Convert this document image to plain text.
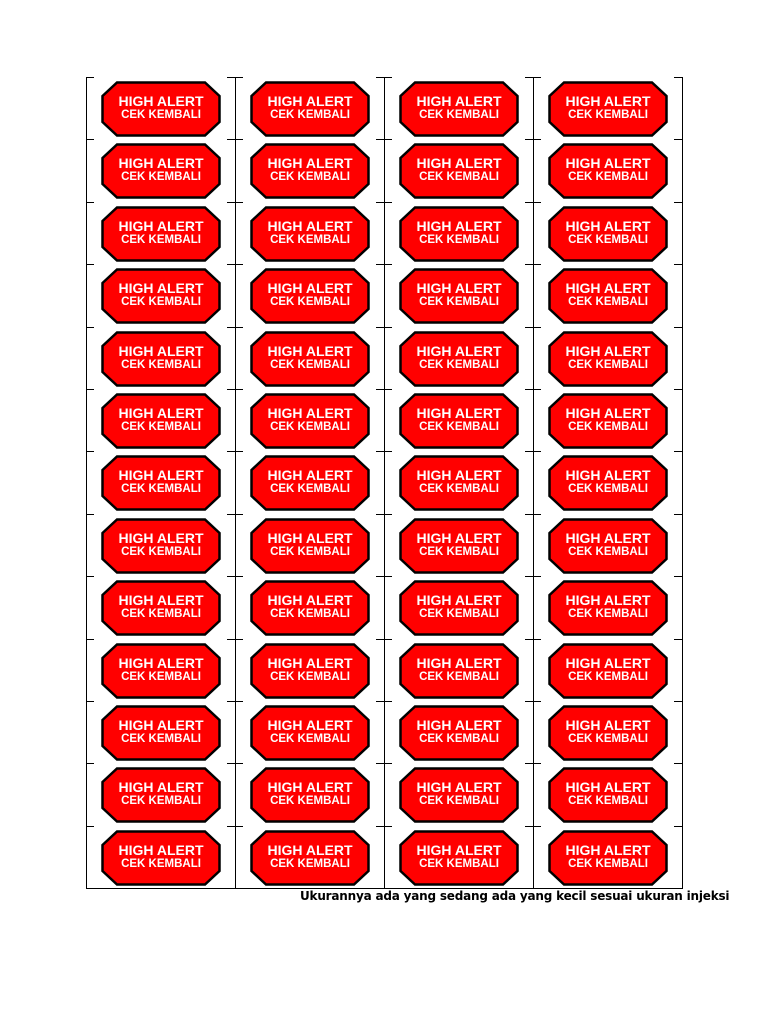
HIGH ALERT
CEK KEMBALI
HIGH ALERT
CEK KEMBALI
HIGH ALERT
CEK KEMBALI
HIGH ALERT
CEK KEMBALI
HIGH ALERT
CEK KEMBALI
HIGH ALERT
CEK KEMBALI
HIGH ALERT
CEK KEMBALI
HIGH ALERT
CEK KEMBALI
HIGH ALERT
CEK KEMBALI
HIGH ALERT
CEK KEMBALI
HIGH ALERT
CEK KEMBALI
HIGH ALERT
CEK KEMBALI
HIGH ALERT
CEK KEMBALI
HIGH ALERT
CEK KEMBALI
HIGH ALERT
CEK KEMBALI
HIGH ALERT
CEK KEMBALI
HIGH ALERT
CEK KEMBALI
HIGH ALERT
CEK KEMBALI
HIGH ALERT
CEK KEMBALI
HIGH ALERT
CEK KEMBALI
HIGH ALERT
CEK KEMBALI
HIGH ALERT
CEK KEMBALI
HIGH ALERT
CEK KEMBALI
HIGH ALERT
CEK KEMBALI
HIGH ALERT
CEK KEMBALI
HIGH ALERT
CEK KEMBALI
HIGH ALERT
CEK KEMBALI
HIGH ALERT
CEK KEMBALI
HIGH ALERT
CEK KEMBALI
HIGH ALERT
CEK KEMBALI
HIGH ALERT
CEK KEMBALI
HIGH ALERT
CEK KEMBALI
HIGH ALERT
CEK KEMBALI
HIGH ALERT
CEK KEMBALI
HIGH ALERT
CEK KEMBALI
HIGH ALERT
CEK KEMBALI
HIGH ALERT
CEK KEMBALI
HIGH ALERT
CEK KEMBALI
HIGH ALERT
CEK KEMBALI
HIGH ALERT
CEK KEMBALI
HIGH ALERT
CEK KEMBALI
HIGH ALERT
CEK KEMBALI
HIGH ALERT
CEK KEMBALI
HIGH ALERT
CEK KEMBALI
HIGH ALERT
CEK KEMBALI
HIGH ALERT
CEK KEMBALI
HIGH ALERT
CEK KEMBALI
HIGH ALERT
CEK KEMBALI
HIGH ALERT
CEK KEMBALI
HIGH ALERT
CEK KEMBALI
HIGH ALERT
CEK KEMBALI
HIGH ALERT
CEK KEMBALI
Ukurannya ada yang sedang ada yang kecil sesuai ukuran injeksi
